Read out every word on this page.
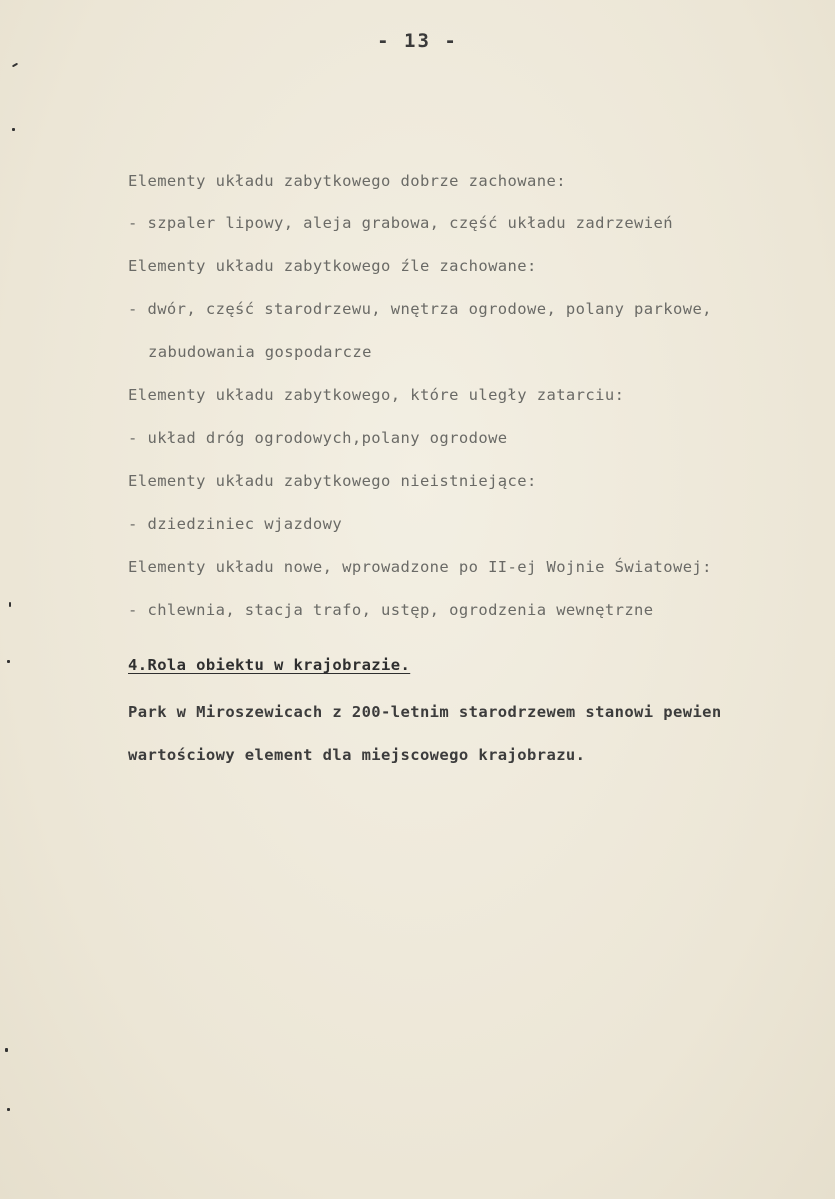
- 13 -
Elementy układu zabytkowego dobrze zachowane:
- szpaler lipowy, aleja grabowa, część układu zadrzewień
Elementy układu zabytkowego źle zachowane:
- dwór, część starodrzewu, wnętrza ogrodowe, polany parkowe,
zabudowania gospodarcze
Elementy układu zabytkowego, które uległy zatarciu:
- układ dróg ogrodowych,polany ogrodowe
Elementy układu zabytkowego nieistniejące:
- dziedziniec wjazdowy
Elementy układu nowe, wprowadzone po II-ej Wojnie Światowej:
- chlewnia, stacja trafo, ustęp, ogrodzenia wewnętrzne
4.Rola obiektu w krajobrazie.
Park w Miroszewicach z 200-letnim starodrzewem stanowi pewien
wartościowy element dla miejscowego krajobrazu.
